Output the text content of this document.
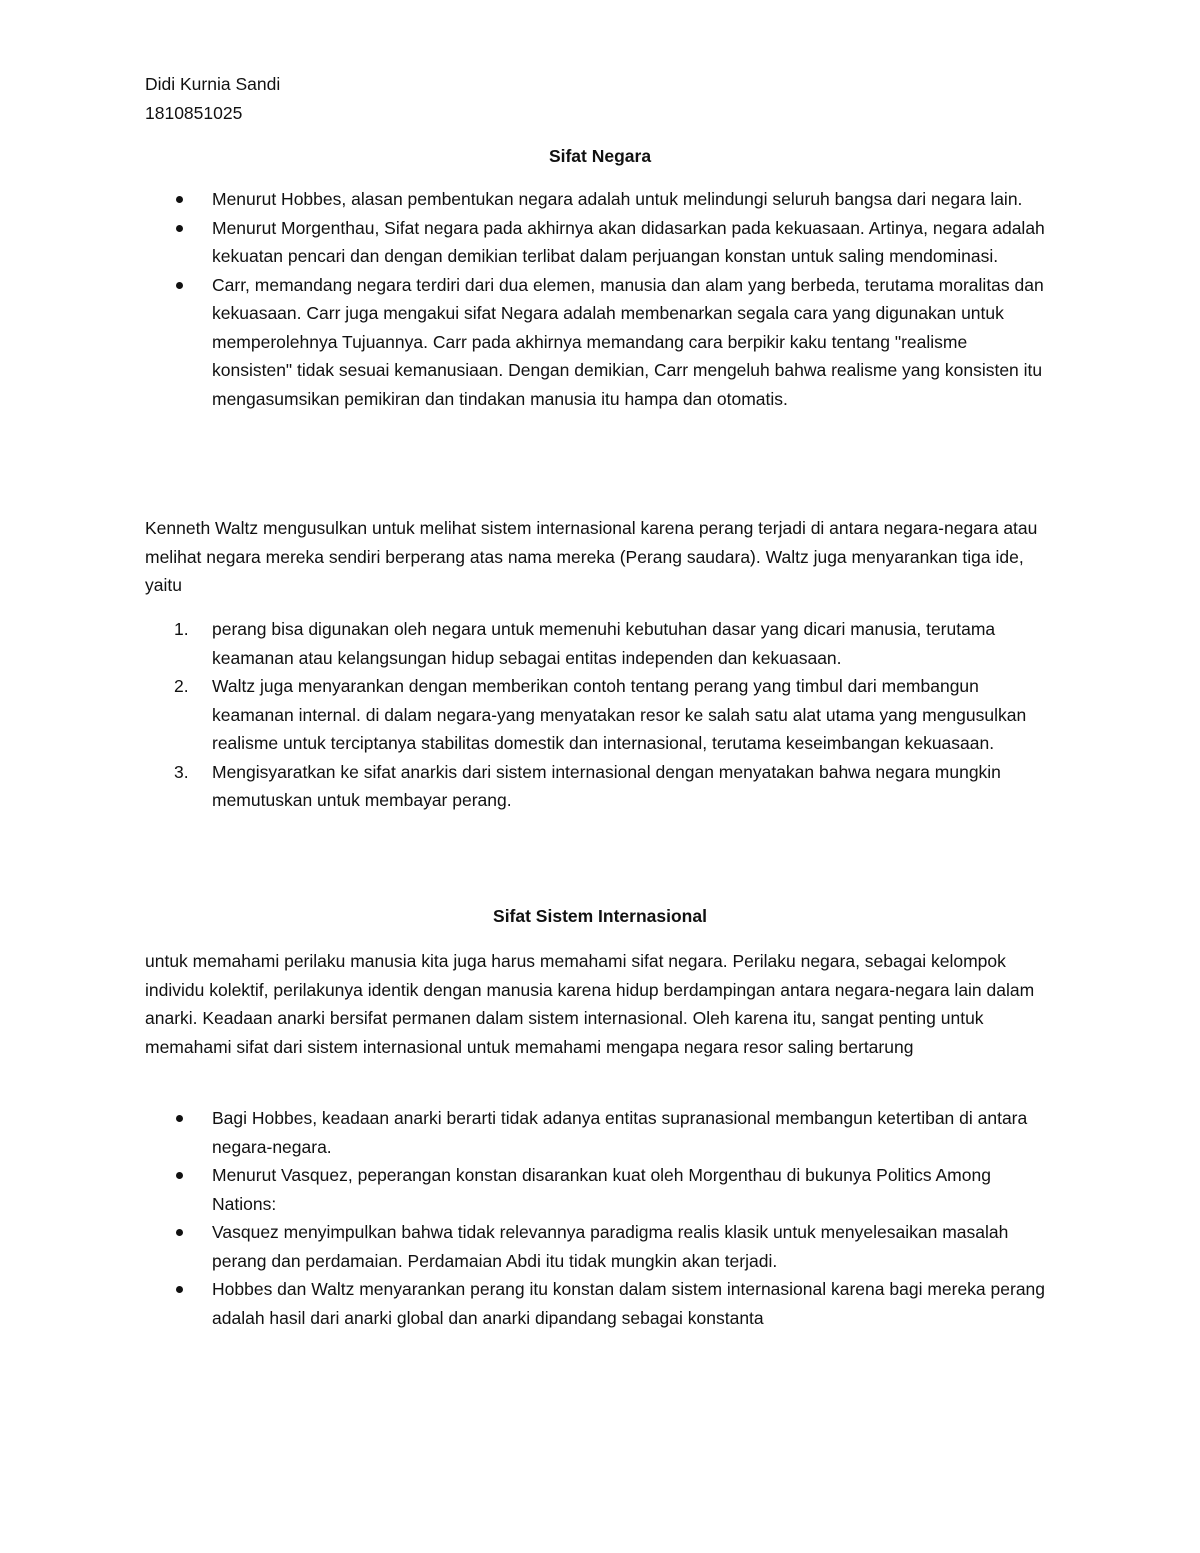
Didi Kurnia Sandi
1810851025
Sifat Negara
Menurut Hobbes, alasan pembentukan negara adalah untuk melindungi seluruh bangsa dari negara lain.
Menurut Morgenthau, Sifat negara pada akhirnya akan didasarkan pada kekuasaan. Artinya, negara adalah kekuatan pencari dan dengan demikian terlibat dalam perjuangan konstan untuk saling mendominasi.
Carr, memandang negara terdiri dari dua elemen, manusia dan alam yang berbeda, terutama moralitas dan kekuasaan. Carr juga mengakui sifat Negara adalah membenarkan segala cara yang digunakan untuk memperolehnya Tujuannya. Carr pada akhirnya memandang cara berpikir kaku tentang "realisme konsisten" tidak sesuai kemanusiaan. Dengan demikian, Carr mengeluh bahwa realisme yang konsisten itu mengasumsikan pemikiran dan tindakan manusia itu hampa dan otomatis.

Kenneth Waltz mengusulkan untuk melihat sistem internasional karena perang terjadi di antara negara-negara atau melihat negara mereka sendiri berperang atas nama mereka (Perang saudara). Waltz juga menyarankan tiga ide, yaitu

1. perang bisa digunakan oleh negara untuk memenuhi kebutuhan dasar yang dicari manusia, terutama keamanan atau kelangsungan hidup sebagai entitas independen dan kekuasaan.
2. Waltz juga menyarankan dengan memberikan contoh tentang perang yang timbul dari membangun keamanan internal. di dalam negara-yang menyatakan resor ke salah satu alat utama yang mengusulkan realisme untuk terciptanya stabilitas domestik dan internasional, terutama keseimbangan kekuasaan.
3. Mengisyaratkan ke sifat anarkis dari sistem internasional dengan menyatakan bahwa negara mungkin memutuskan untuk membayar perang.
Sifat Sistem Internasional

untuk memahami perilaku manusia kita juga harus memahami sifat negara. Perilaku negara, sebagai kelompok individu kolektif, perilakunya identik dengan manusia karena hidup berdampingan antara negara-negara lain dalam anarki. Keadaan anarki bersifat permanen dalam sistem internasional. Oleh karena itu, sangat penting untuk memahami sifat dari sistem internasional untuk memahami mengapa negara resor saling bertarung

Bagi Hobbes, keadaan anarki berarti tidak adanya entitas supranasional membangun ketertiban di antara negara-negara.
Menurut Vasquez, peperangan konstan disarankan kuat oleh Morgenthau di bukunya Politics Among Nations:
Vasquez menyimpulkan bahwa tidak relevannya paradigma realis klasik untuk menyelesaikan masalah perang dan perdamaian. Perdamaian Abdi itu tidak mungkin akan terjadi.
Hobbes dan Waltz menyarankan perang itu konstan dalam sistem internasional karena bagi mereka perang adalah hasil dari anarki global dan anarki dipandang sebagai konstanta
